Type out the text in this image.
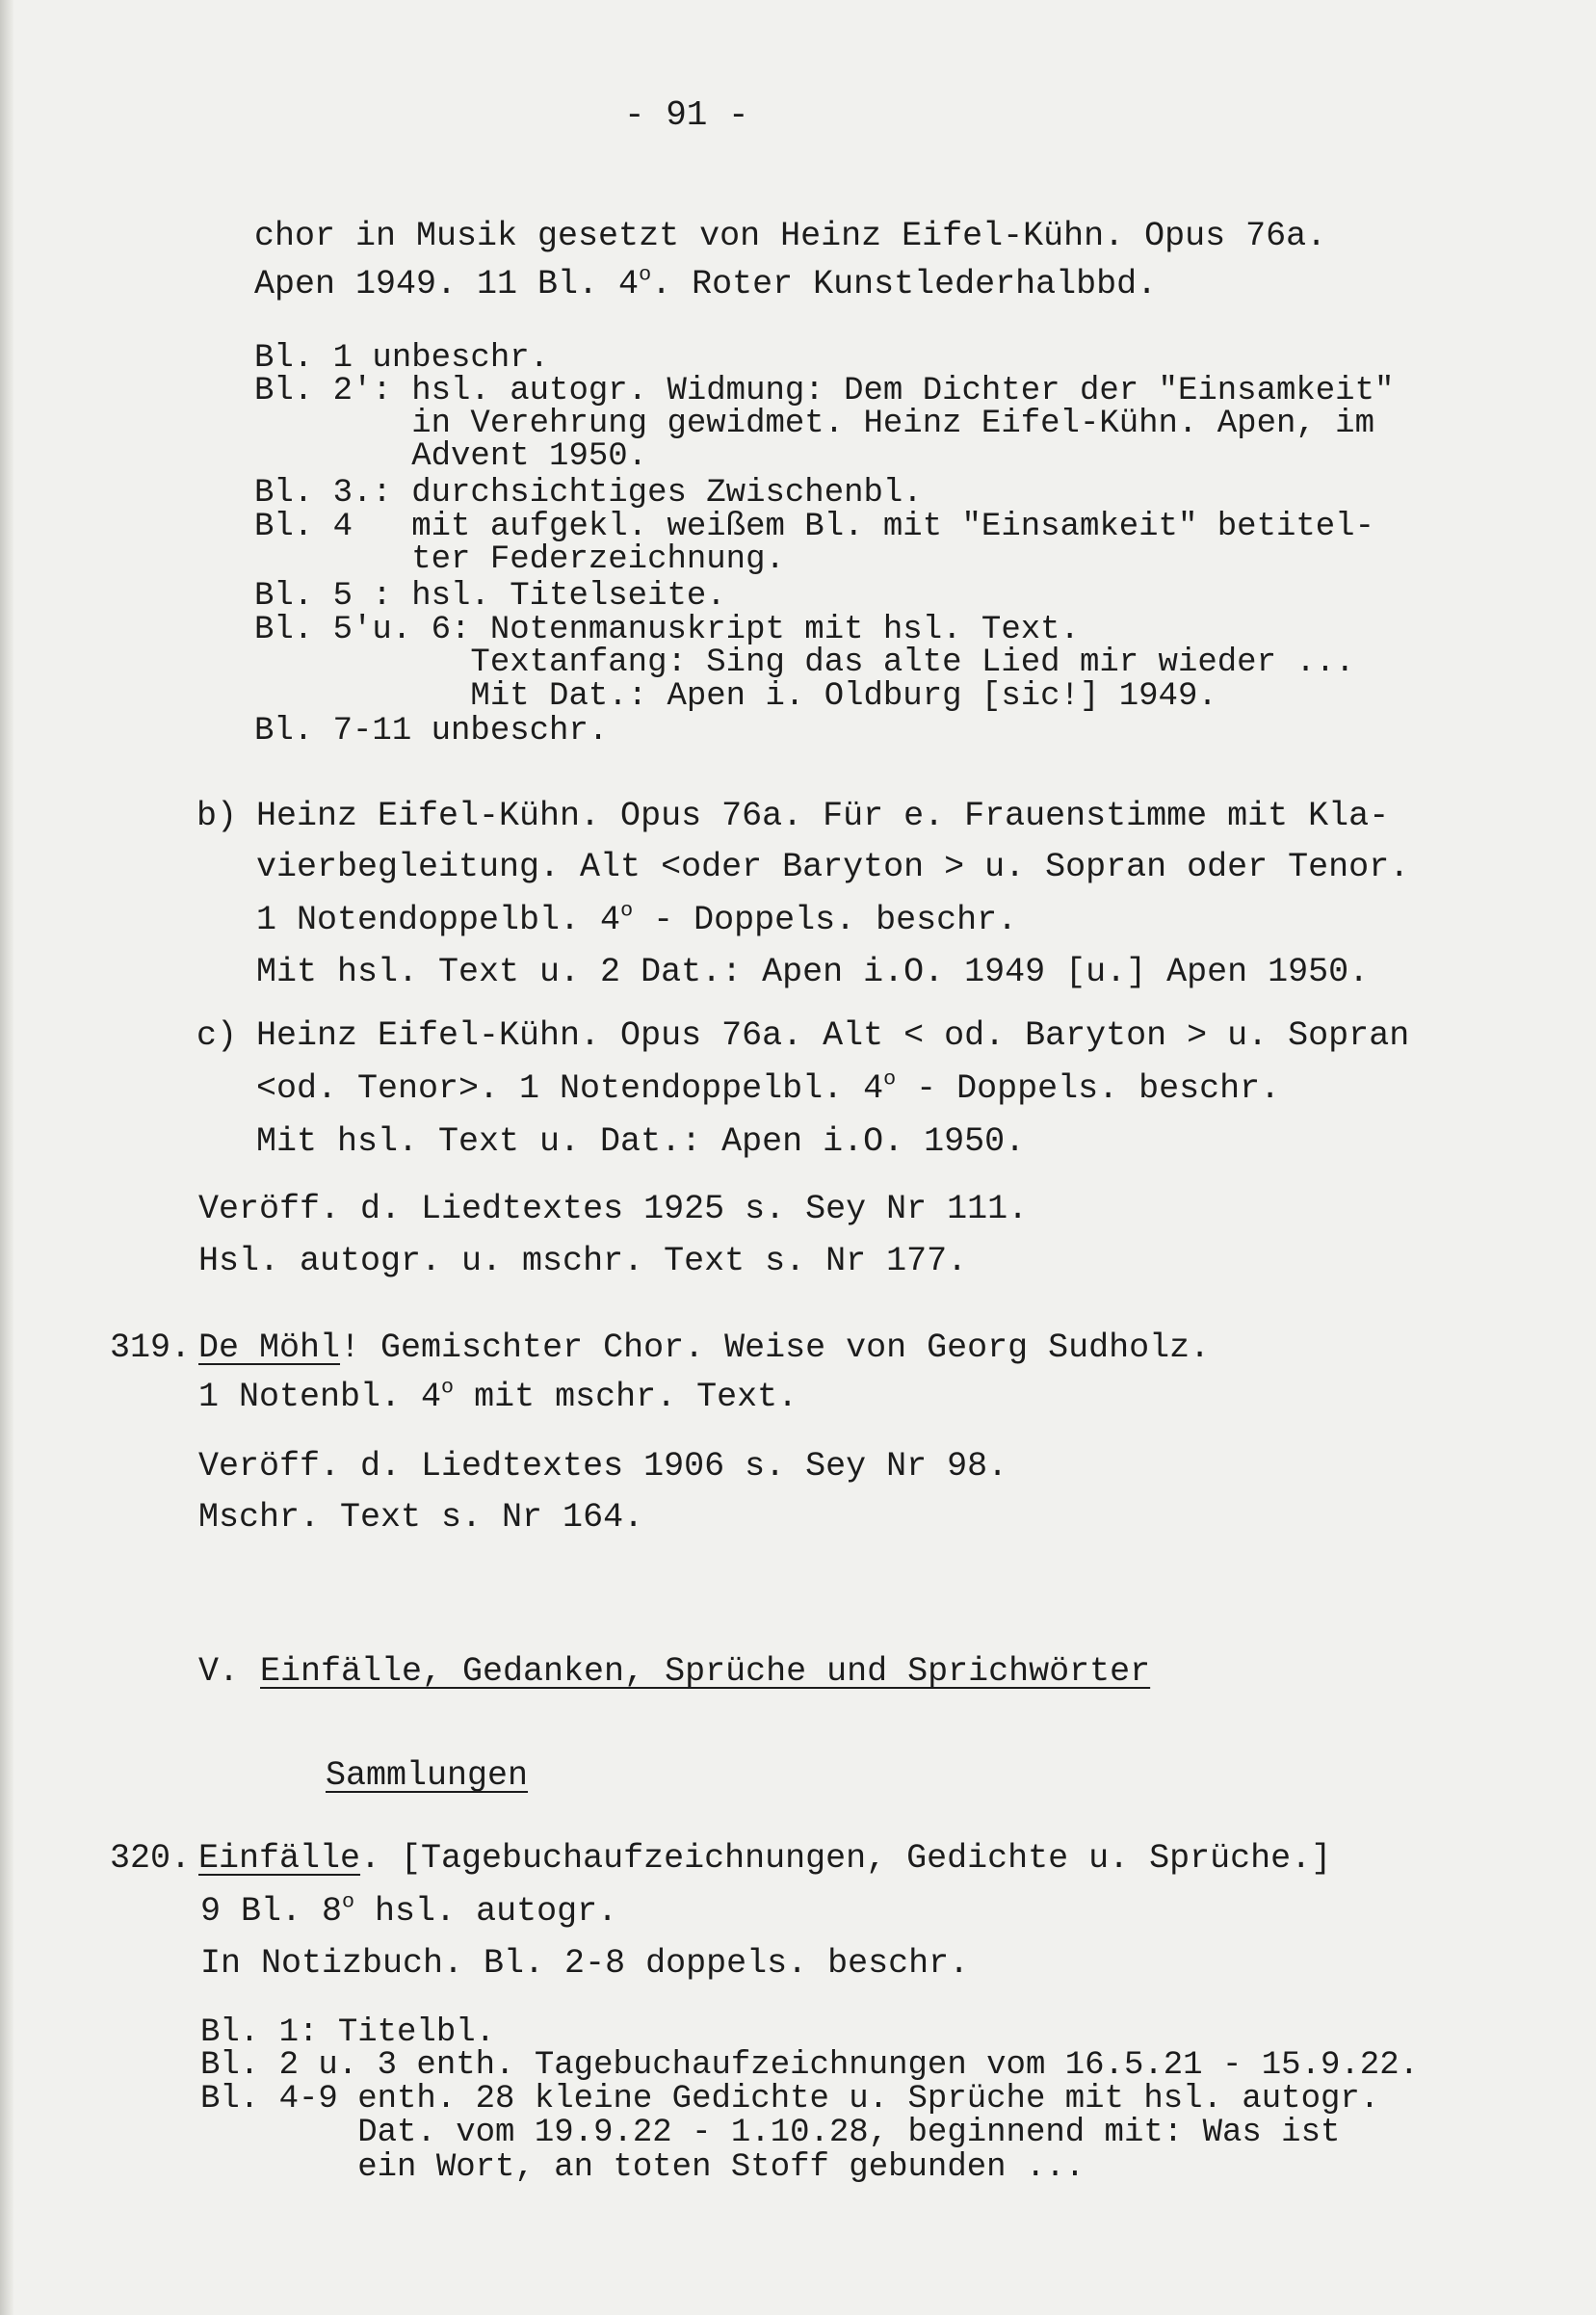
- 91 -
chor in Musik gesetzt von Heinz Eifel-Kühn. Opus 76a.
Apen 1949. 11 Bl. 4$^o$. Roter Kunstlederhalbbd.
Bl. 1 unbeschr.
Bl. 2': hsl. autogr. Widmung: Dem Dichter der "Einsamkeit"
in Verehrung gewidmet. Heinz Eifel-Kühn. Apen, im
Advent 1950.
Bl. 3.: durchsichtiges Zwischenbl.
Bl. 4   mit aufgekl. weißem Bl. mit "Einsamkeit" betitel-
ter Federzeichnung.
Bl. 5 : hsl. Titelseite.
Bl. 5'u. 6: Notenmanuskript mit hsl. Text.
Textanfang: Sing das alte Lied mir wieder ...
Mit Dat.: Apen i. Oldburg [sic!] 1949.
Bl. 7-11 unbeschr.
b) Heinz Eifel-Kühn. Opus 76a. Für e. Frauenstimme mit Kla-
vierbegleitung. Alt <oder Baryton > u. Sopran oder Tenor.
1 Notendoppelbl. 4$^o$ - Doppels. beschr.
Mit hsl. Text u. 2 Dat.: Apen i.O. 1949 [u.] Apen 1950.
c) Heinz Eifel-Kühn. Opus 76a. Alt < od. Baryton > u. Sopran
<od. Tenor>. 1 Notendoppelbl. 4$^o$ - Doppels. beschr.
Mit hsl. Text u. Dat.: Apen i.O. 1950.
Veröff. d. Liedtextes 1925 s. Sey Nr 111.
Hsl. autogr. u. mschr. Text s. Nr 177.
319. De Möhl! Gemischter Chor. Weise von Georg Sudholz.
1 Notenbl. 4$^o$ mit mschr. Text.
Veröff. d. Liedtextes 1906 s. Sey Nr 98.
Mschr. Text s. Nr 164.
V. Einfälle, Gedanken, Sprüche und Sprichwörter
Sammlungen
320. Einfälle. [Tagebuchaufzeichnungen, Gedichte u. Sprüche.]
9 Bl. 8$^o$ hsl. autogr.
In Notizbuch. Bl. 2-8 doppels. beschr.
Bl. 1: Titelbl.
Bl. 2 u. 3 enth. Tagebuchaufzeichnungen vom 16.5.21 - 15.9.22.
Bl. 4-9 enth. 28 kleine Gedichte u. Sprüche mit hsl. autogr.
Dat. vom 19.9.22 - 1.10.28, beginnend mit: Was ist
ein Wort, an toten Stoff gebunden ...
